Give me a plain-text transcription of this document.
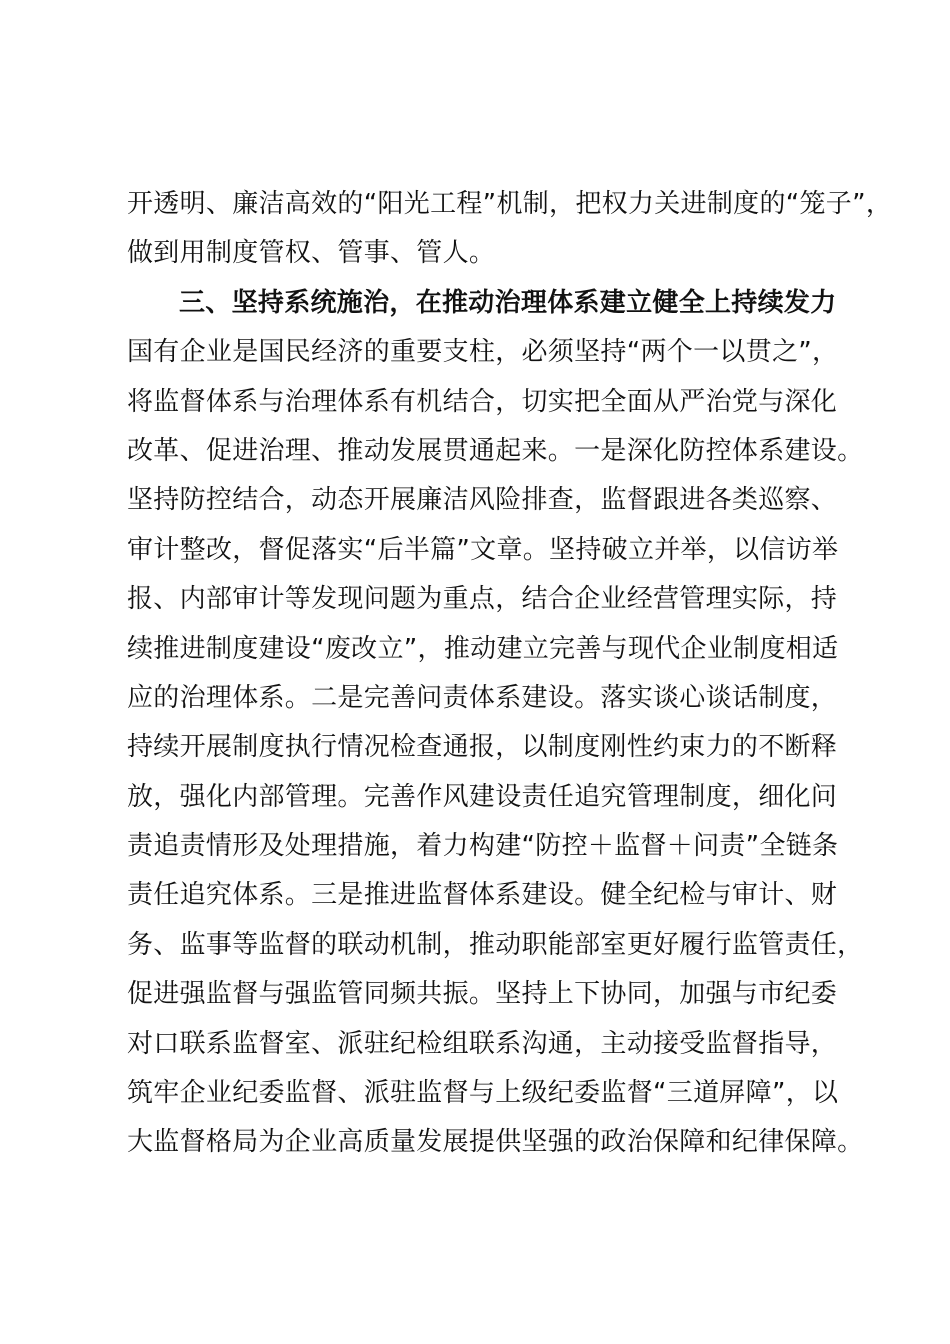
开透明、廉洁高效的“阳光工程”机制，把权力关进制度的“笼子”，
做到用制度管权、管事、管人。
三、坚持系统施治，在推动治理体系建立健全上持续发力
国有企业是国民经济的重要支柱，必须坚持“两个一以贯之”，
将监督体系与治理体系有机结合，切实把全面从严治党与深化
改革、促进治理、推动发展贯通起来。一是深化防控体系建设。
坚持防控结合，动态开展廉洁风险排查，监督跟进各类巡察、
审计整改，督促落实“后半篇”文章。坚持破立并举，以信访举
报、内部审计等发现问题为重点，结合企业经营管理实际，持
续推进制度建设“废改立”，推动建立完善与现代企业制度相适
应的治理体系。二是完善问责体系建设。落实谈心谈话制度，
持续开展制度执行情况检查通报，以制度刚性约束力的不断释
放，强化内部管理。完善作风建设责任追究管理制度，细化问
责追责情形及处理措施，着力构建“防控＋监督＋问责”全链条
责任追究体系。三是推进监督体系建设。健全纪检与审计、财
务、监事等监督的联动机制，推动职能部室更好履行监管责任，
促进强监督与强监管同频共振。坚持上下协同，加强与市纪委
对口联系监督室、派驻纪检组联系沟通，主动接受监督指导，
筑牢企业纪委监督、派驻监督与上级纪委监督“三道屏障”，以
大监督格局为企业高质量发展提供坚强的政治保障和纪律保障。
